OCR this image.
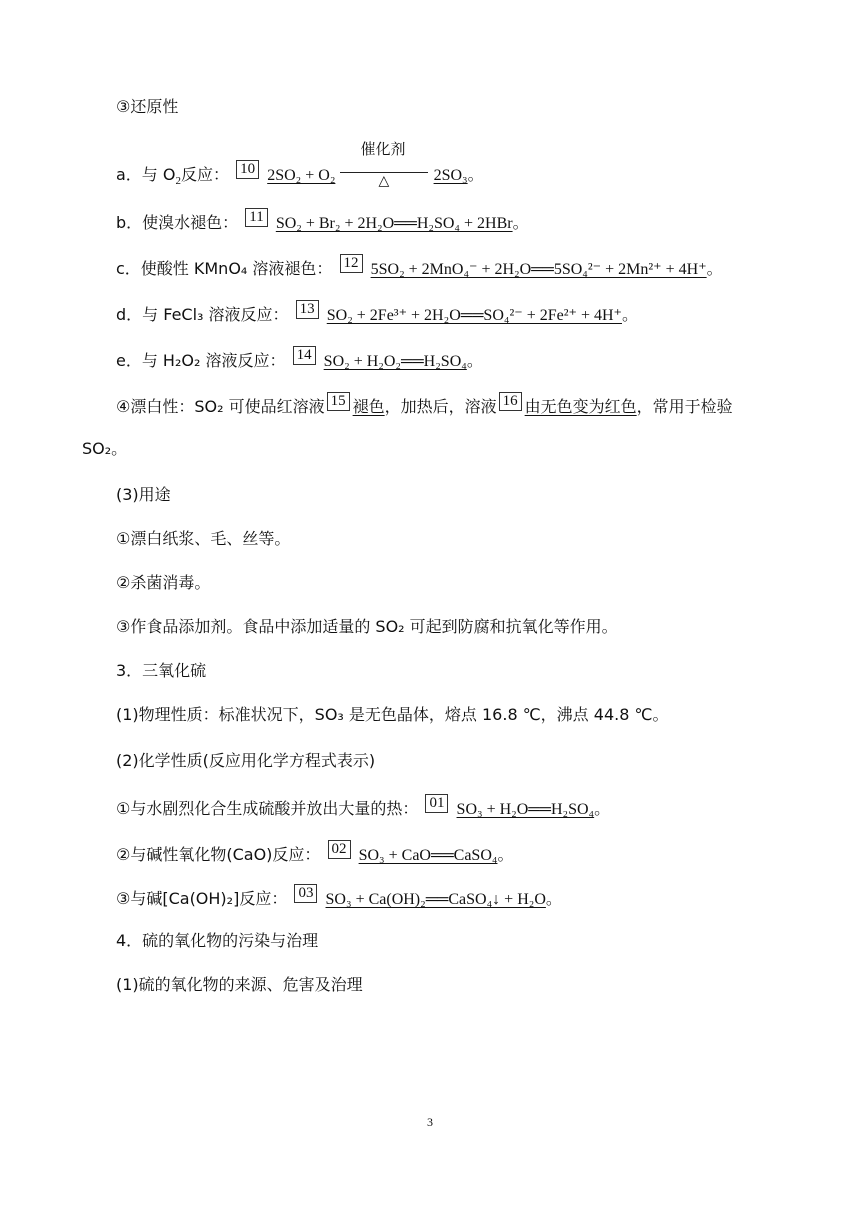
③还原性
a．与 $O_2$反应： 10 2SO₂ + O₂
催化剂
△	2SO₃。
b．使溴水褪色： 11 SO₂ + Br₂ + 2H₂O══H₂SO₄ + 2HBr。
c．使酸性 KMnO₄ 溶液褪色： 12 5SO₂ + 2MnO₄⁻ + 2H₂O══5SO₄²⁻ + 2Mn²⁺ + 4H⁺。
d．与 FeCl₃ 溶液反应： 13 SO₂ + 2Fe³⁺ + 2H₂O══SO₄²⁻ + 2Fe²⁺ + 4H⁺。
e．与 H₂O₂ 溶液反应： 14 SO₂ + H₂O₂══H₂SO₄。
④漂白性：SO₂ 可使品红溶液 15 褪色，加热后，溶液 16 由无色变为红色，常用于检验
SO₂。
(3)用途
①漂白纸浆、毛、丝等。
②杀菌消毒。
③作食品添加剂。食品中添加适量的 SO₂ 可起到防腐和抗氧化等作用。
3．三氧化硫
(1)物理性质：标准状况下，SO₃ 是无色晶体，熔点 16.8 ℃，沸点 44.8 ℃。
(2)化学性质(反应用化学方程式表示)
①与水剧烈化合生成硫酸并放出大量的热： 01 SO₃ + H₂O══H₂SO₄。
②与碱性氧化物(CaO)反应： 02 SO₃ + CaO══CaSO₄。
③与碱[Ca(OH)₂]反应： 03 SO₃ + Ca(OH)₂══CaSO₄↓ + H₂O。
4．硫的氧化物的污染与治理
(1)硫的氧化物的来源、危害及治理
3
